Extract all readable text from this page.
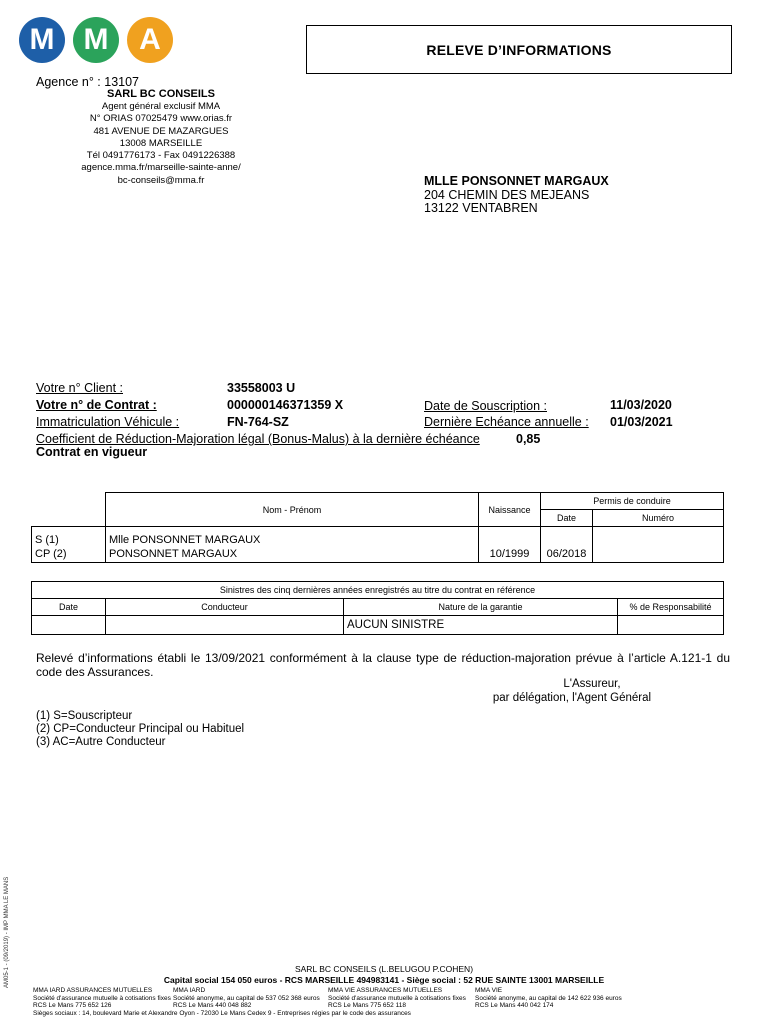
M M	A	RELEVE D’INFORMATIONS
Agence n° : 13107
SARL BC CONSEILS
Agent général exclusif MMA
N° ORIAS 07025479 www.orias.fr
481 AVENUE DE MAZARGUES
13008 MARSEILLE
Tél 0491776173 - Fax 0491226388
agence.mma.fr/marseille-sainte-anne/
bc-conseils@mma.fr	MLLE PONSONNET MARGAUX
204 CHEMIN DES MEJEANS
13122 VENTABREN
Votre n° Client :	33558003 U
Votre n° de Contrat :	000000146371359 X
Immatriculation Véhicule :	FN-764-SZ
Date de Souscription :	11/03/2020
Dernière Echéance annuelle : 01/03/2021
Coefficient de Réduction-Majoration légal (Bonus-Malus) à la dernière échéance	0,85
Contrat en vigueur
	Nom - Prénom	Naissance	Permis de conduire	
			Date	Numéro
S (1)	Mlle PONSONNET MARGAUX			
CP (2)	PONSONNET MARGAUX	10/1999	06/2018	
Sinistres des cinq dernières années enregistrés au titre du contrat en référence			
Date	Conducteur	Nature de la garantie	% de Responsabilité
		AUCUN SINISTRE	
Relevé d’informations établi le 13/09/2021 conformément à la clause type de réduction-majoration prévue à l’article A.121-1 du code des Assurances.
L'Assureur,
par délégation, l'Agent Général
(1) S=Souscripteur
(2) CP=Conducteur Principal ou Habituel
(3) AC=Autre Conducteur
AM05-1 - (09/2019) - IMP MMA LE MANS	SARL BC CONSEILS (L.BELUGOU P.COHEN)
Capital social 154 050 euros - RCS MARSEILLE 494983141 - Siège social : 52 RUE SAINTE 13001 MARSEILLE
MMA IARD ASSURANCES MUTUELLES
Société d'assurance mutuelle à cotisations fixes
RCS Le Mans 775 652 126
MMA IARD
Société anonyme, au capital de 537 052 368 euros
RCS Le Mans 440 048 882
MMA VIE ASSURANCES MUTUELLES
Société d'assurance mutuelle à cotisations fixes
RCS Le Mans 775 652 118
MMA VIE
Société anonyme, au capital de 142 622 936 euros
RCS Le Mans 440 042 174
Sièges sociaux : 14, boulevard Marie et Alexandre Oyon - 72030 Le Mans Cedex 9 - Entreprises régies par le code des assurances
